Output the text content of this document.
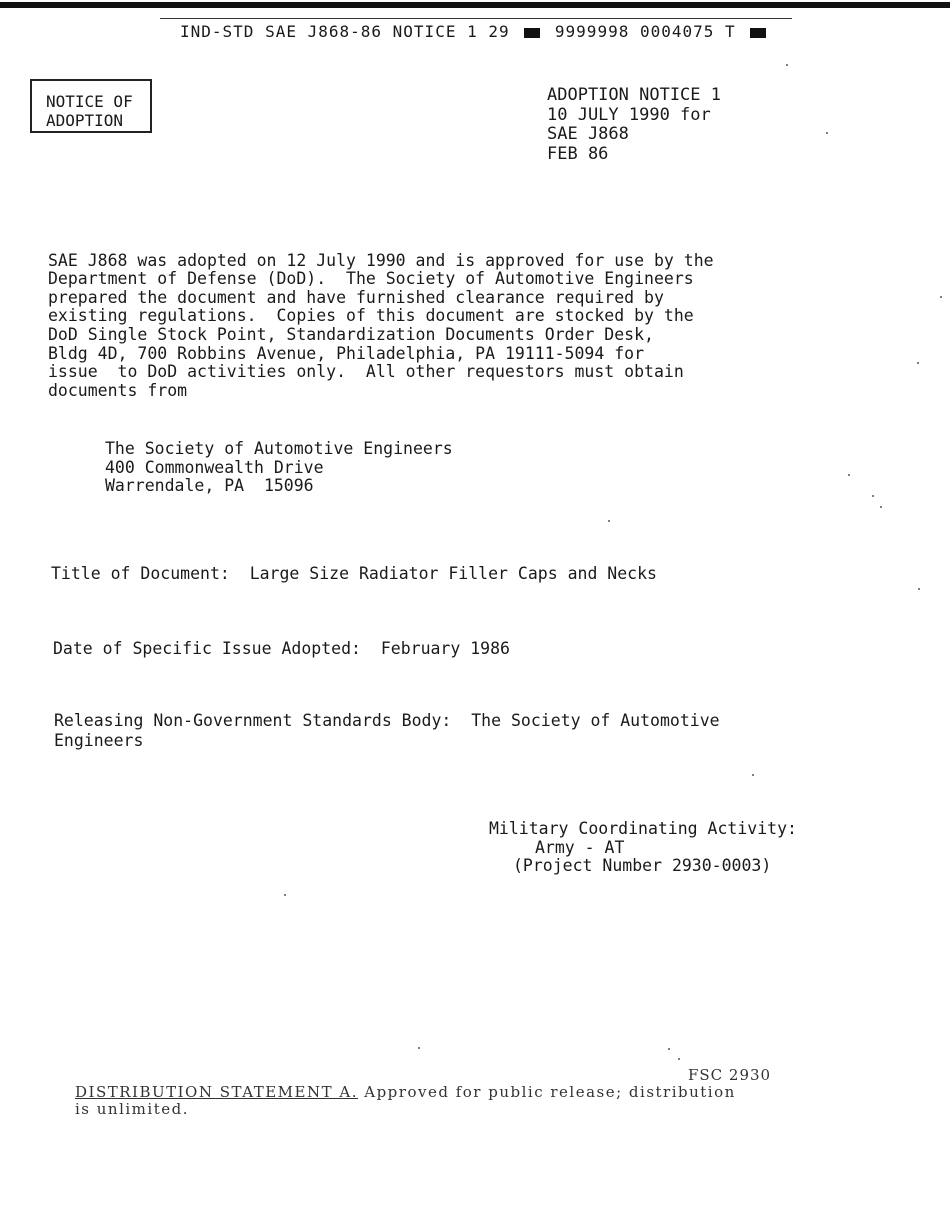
IND-STD SAE J868-86 NOTICE 1 29	9999998 0004075 T
NOTICE OF
ADOPTION
ADOPTION NOTICE 1
10 JULY 1990 for
SAE J868
FEB 86

SAE J868 was adopted on 12 July 1990 and is approved for use by the
Department of Defense (DoD).  The Society of Automotive Engineers
prepared the document and have furnished clearance required by
existing regulations.  Copies of this document are stocked by the
DoD Single Stock Point, Standardization Documents Order Desk,
Bldg 4D, 700 Robbins Avenue, Philadelphia, PA 19111-5094 for
issue  to DoD activities only.  All other requestors must obtain
documents from

The Society of Automotive Engineers
400 Commonwealth Drive
Warrendale, PA  15096
Title of Document: Large Size Radiator Filler Caps and Necks
Date of Specific Issue Adopted: February 1986
Releasing Non-Government Standards Body: The Society of Automotive
Engineers
Military Coordinating Activity:
Army - AT
(Project Number 2930-0003)
FSC 2930
DISTRIBUTION STATEMENT A. Approved for public release; distribution
is unlimited.
